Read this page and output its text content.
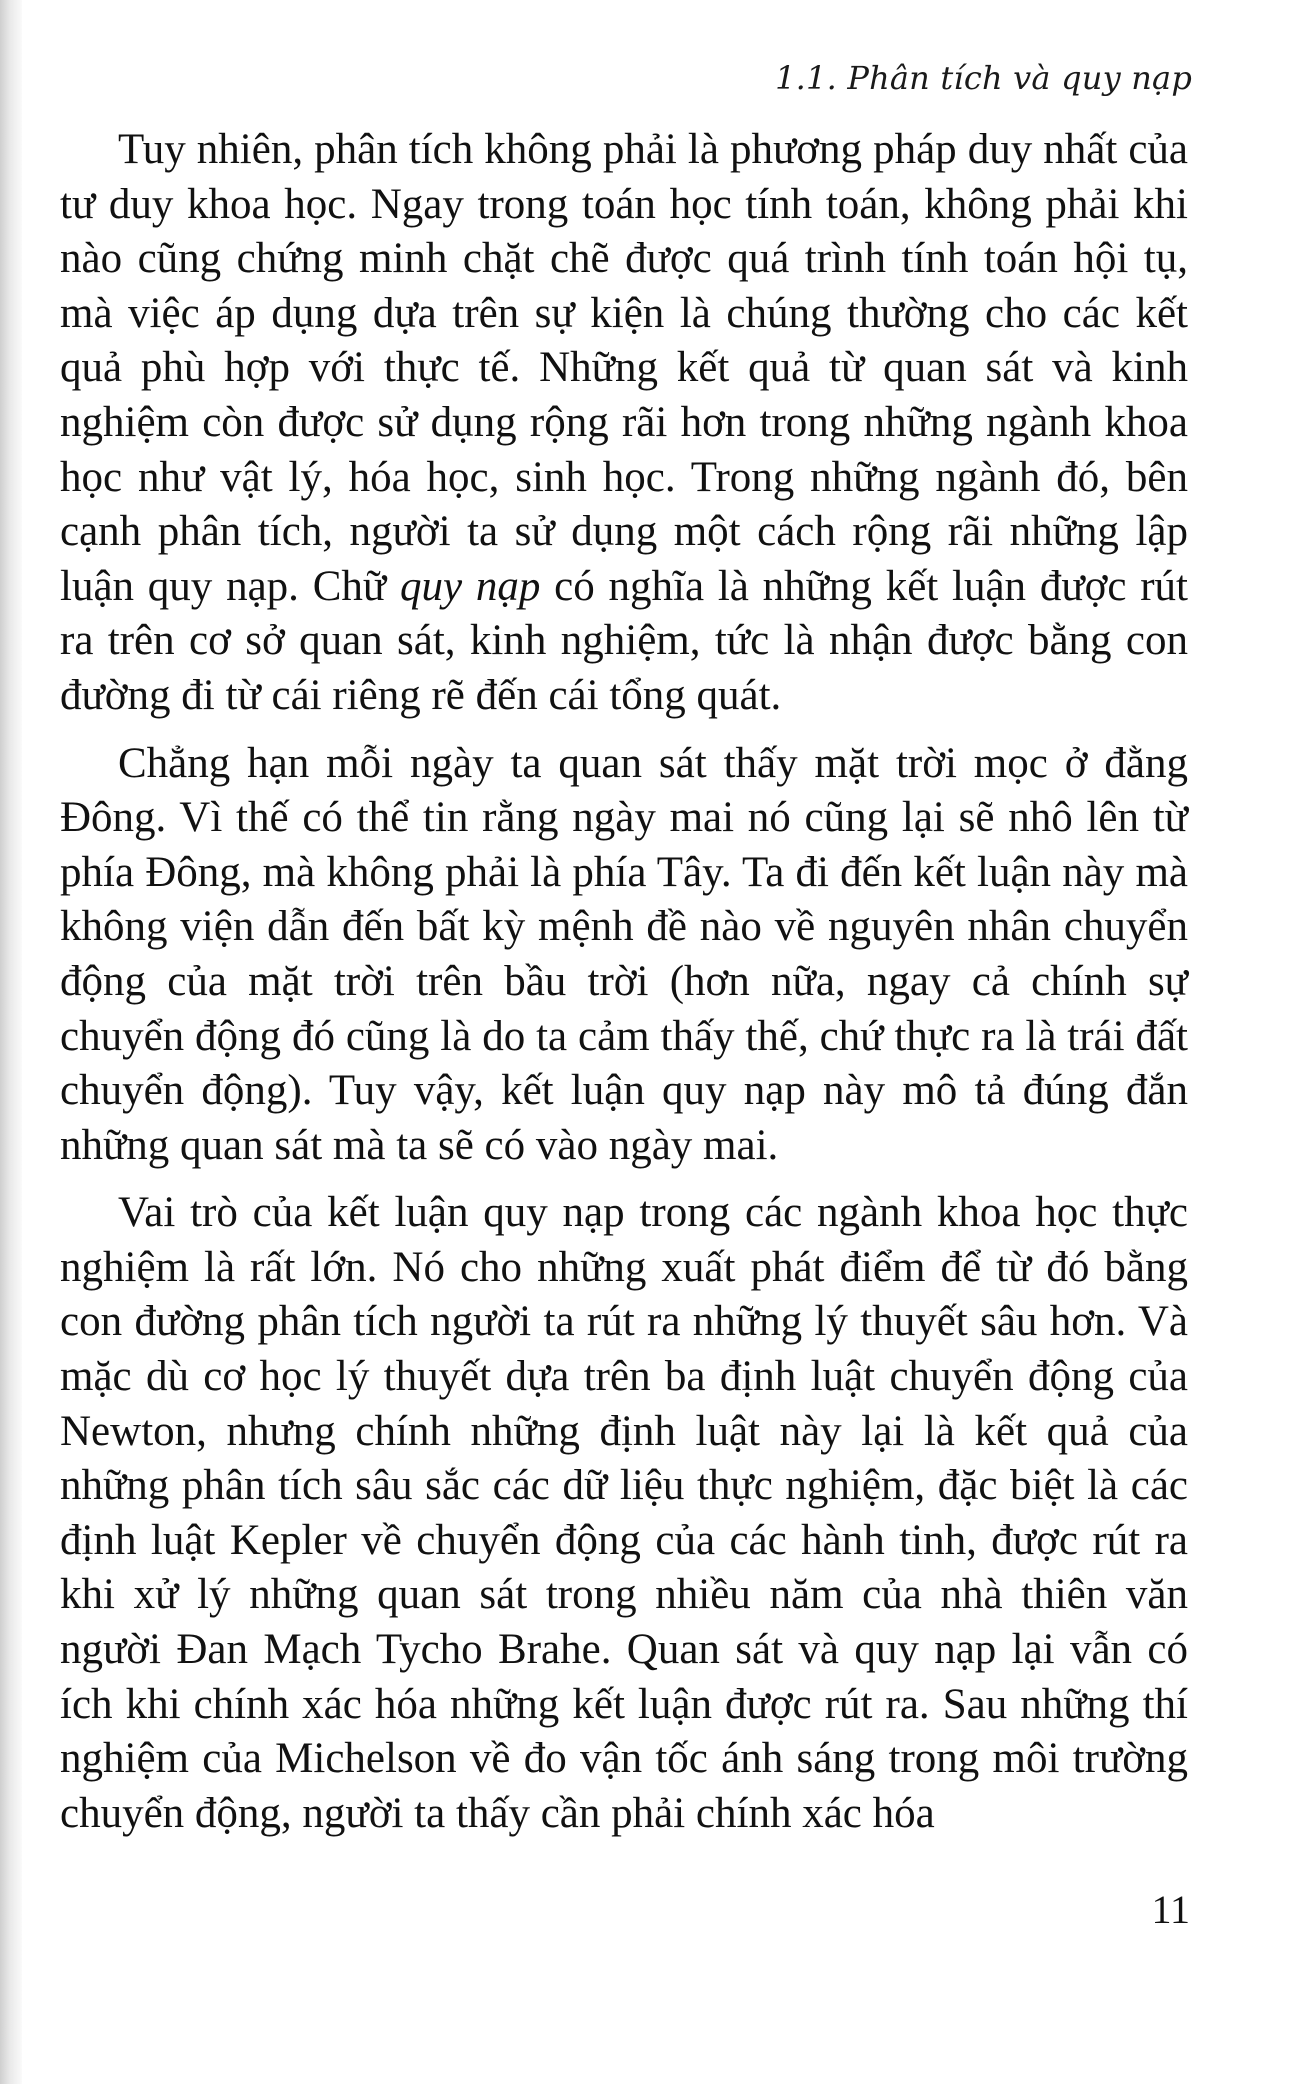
1.1. Phân tích và quy nạp

Tuy nhiên, phân tích không phải là phương pháp duy nhất của tư duy khoa học. Ngay trong toán học tính toán, không phải khi nào cũng chứng minh chặt chẽ được quá trình tính toán hội tụ, mà việc áp dụng dựa trên sự kiện là chúng thường cho các kết quả phù hợp với thực tế. Những kết quả từ quan sát và kinh nghiệm còn được sử dụng rộng rãi hơn trong những ngành khoa học như vật lý, hóa học, sinh học. Trong những ngành đó, bên cạnh phân tích, người ta sử dụng một cách rộng rãi những lập luận quy nạp. Chữ quy nạp có nghĩa là những kết luận được rút ra trên cơ sở quan sát, kinh nghiệm, tức là nhận được bằng con đường đi từ cái riêng rẽ đến cái tổng quát.

Chẳng hạn mỗi ngày ta quan sát thấy mặt trời mọc ở đằng Đông. Vì thế có thể tin rằng ngày mai nó cũng lại sẽ nhô lên từ phía Đông, mà không phải là phía Tây. Ta đi đến kết luận này mà không viện dẫn đến bất kỳ mệnh đề nào về nguyên nhân chuyển động của mặt trời trên bầu trời (hơn nữa, ngay cả chính sự chuyển động đó cũng là do ta cảm thấy thế, chứ thực ra là trái đất chuyển động). Tuy vậy, kết luận quy nạp này mô tả đúng đắn những quan sát mà ta sẽ có vào ngày mai.

Vai trò của kết luận quy nạp trong các ngành khoa học thực nghiệm là rất lớn. Nó cho những xuất phát điểm để từ đó bằng con đường phân tích người ta rút ra những lý thuyết sâu hơn. Và mặc dù cơ học lý thuyết dựa trên ba định luật chuyển động của Newton, nhưng chính những định luật này lại là kết quả của những phân tích sâu sắc các dữ liệu thực nghiệm, đặc biệt là các định luật Kepler về chuyển động của các hành tinh, được rút ra khi xử lý những quan sát trong nhiều năm của nhà thiên văn người Đan Mạch Tycho Brahe. Quan sát và quy nạp lại vẫn có ích khi chính xác hóa những kết luận được rút ra. Sau những thí nghiệm của Michelson về đo vận tốc ánh sáng trong môi trường chuyển động, người ta thấy cần phải chính xác hóa

11
